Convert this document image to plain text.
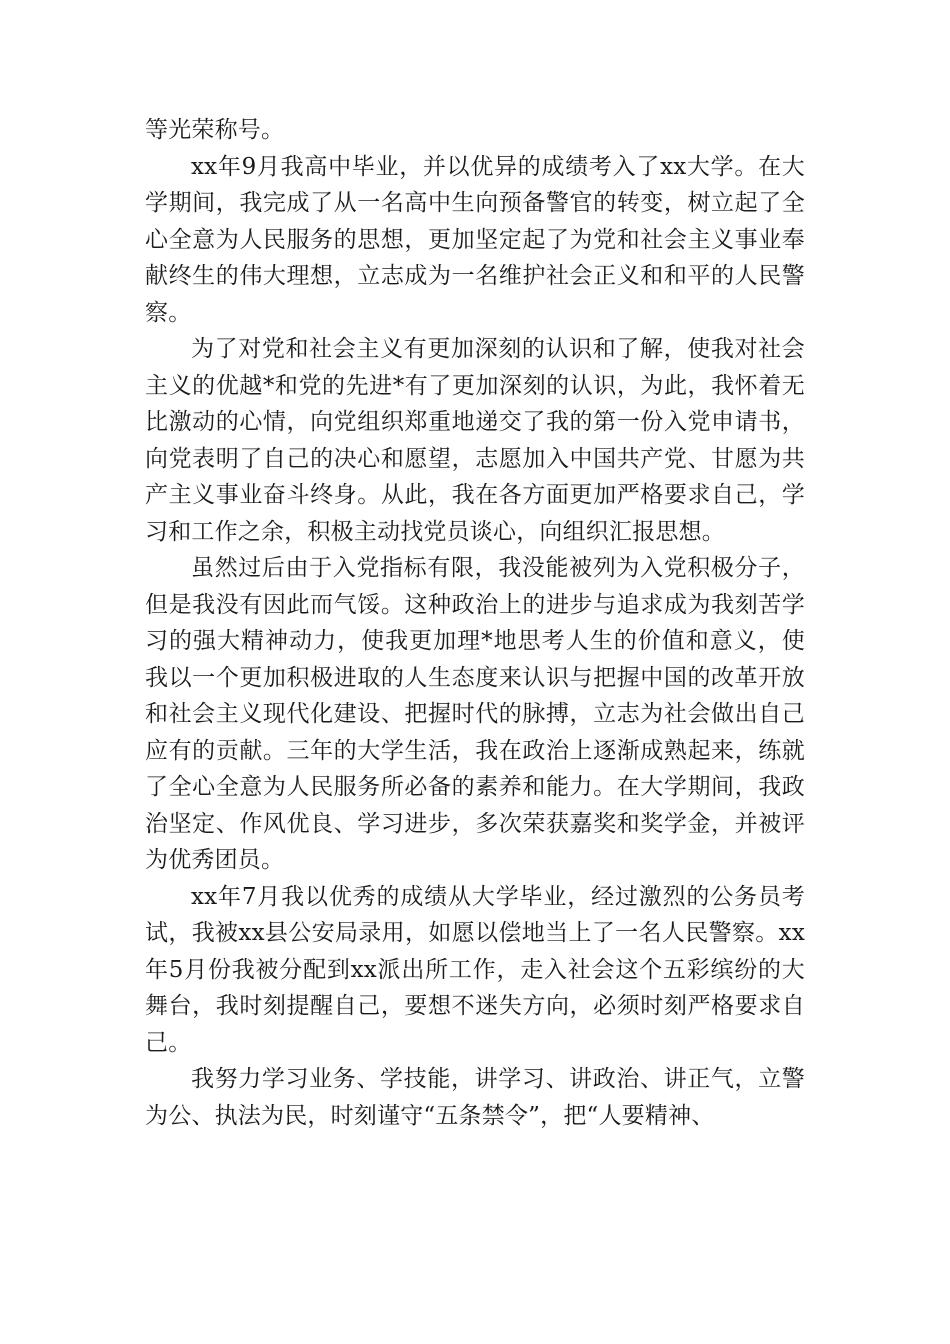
等光荣称号。

xx年9月我高中毕业，并以优异的成绩考入了xx大学。在大学期间，我完成了从一名高中生向预备警官的转变，树立起了全心全意为人民服务的思想，更加坚定起了为党和社会主义事业奉献终生的伟大理想，立志成为一名维护社会正义和和平的人民警察。

为了对党和社会主义有更加深刻的认识和了解，使我对社会主义的优越*和党的先进*有了更加深刻的认识，为此，我怀着无比激动的心情，向党组织郑重地递交了我的第一份入党申请书，向党表明了自己的决心和愿望，志愿加入中国共产党、甘愿为共产主义事业奋斗终身。从此，我在各方面更加严格要求自己，学习和工作之余，积极主动找党员谈心，向组织汇报思想。

虽然过后由于入党指标有限，我没能被列为入党积极分子，但是我没有因此而气馁。这种政治上的进步与追求成为我刻苦学习的强大精神动力，使我更加理*地思考人生的价值和意义，使我以一个更加积极进取的人生态度来认识与把握中国的改革开放和社会主义现代化建设、把握时代的脉搏，立志为社会做出自己应有的贡献。三年的大学生活，我在政治上逐渐成熟起来，练就了全心全意为人民服务所必备的素养和能力。在大学期间，我政治坚定、作风优良、学习进步，多次荣获嘉奖和奖学金，并被评为优秀团员。

xx年7月我以优秀的成绩从大学毕业，经过激烈的公务员考试，我被xx县公安局录用，如愿以偿地当上了一名人民警察。xx年5月份我被分配到xx派出所工作，走入社会这个五彩缤纷的大舞台，我时刻提醒自己，要想不迷失方向，必须时刻严格要求自己。

我努力学习业务、学技能，讲学习、讲政治、讲正气，立警为公、执法为民，时刻谨守“五条禁令”，把“人要精神、
